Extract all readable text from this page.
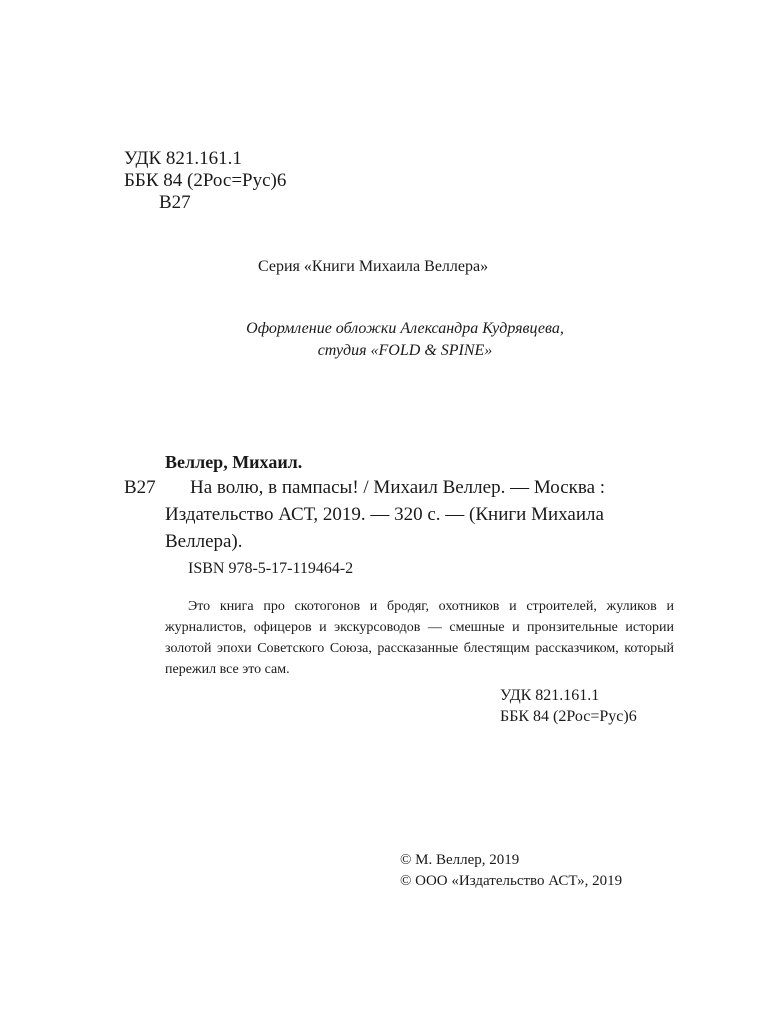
УДК 821.161.1
ББК 84 (2Рос=Рус)6
В27
Серия «Книги Михаила Веллера»
Оформление обложки Александра Кудрявцева,
студия «FOLD & SPINE»
Веллер, Михаил.
В27 На волю, в пампасы! / Михаил Веллер. — Москва :
Издательство АСТ, 2019. — 320 с. — (Книги Михаила
Веллера).
ISBN 978-5-17-119464-2
Это книга про скотогонов и бродяг, охотников и строителей, жуликов и журналистов, офицеров и экскурсоводов — смешные и пронзительные истории золотой эпохи Советского Союза, рассказанные блестящим рассказчиком, который пережил все это сам.
УДК 821.161.1
ББК 84 (2Рос=Рус)6
© М. Веллер, 2019
© ООО «Издательство АСТ», 2019
